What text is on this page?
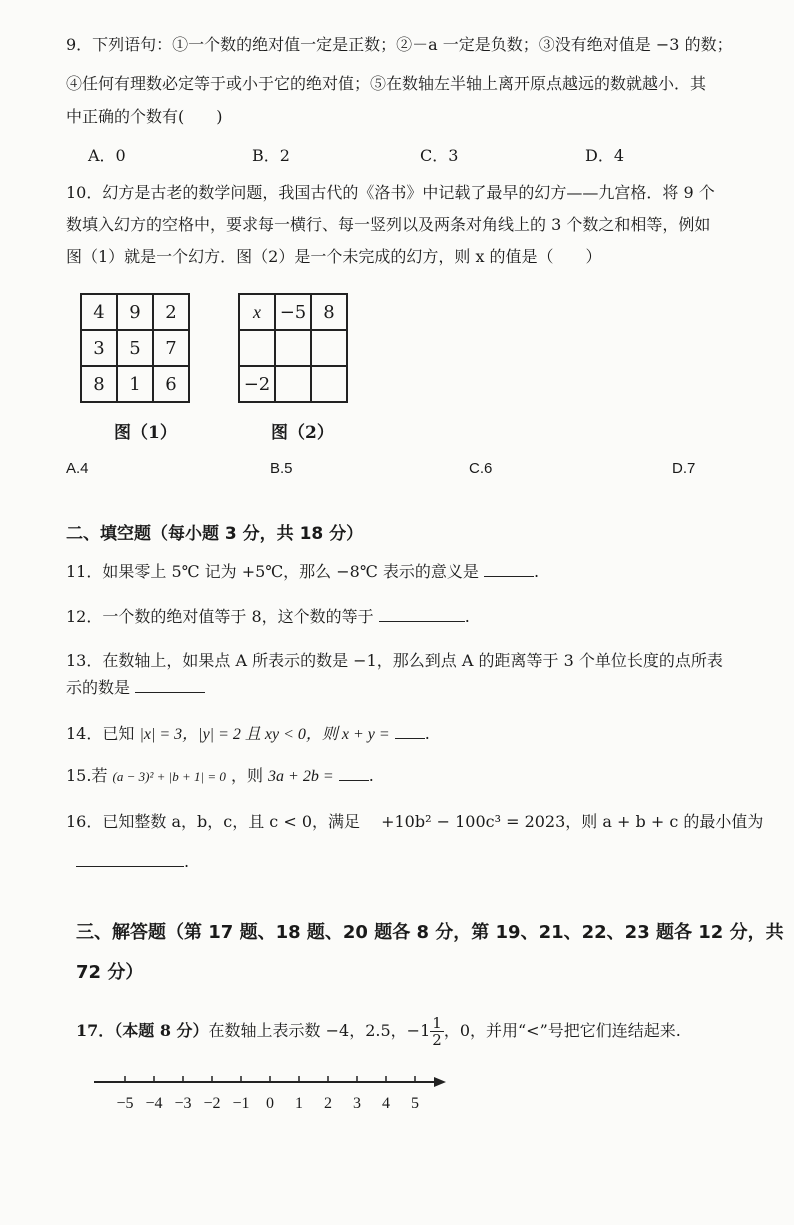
9．下列语句：①一个数的绝对值一定是正数；②－a 一定是负数；③没有绝对值是 −3 的数；
④任何有理数必定等于或小于它的绝对值；⑤在数轴左半轴上离开原点越远的数就越小．其
中正确的个数有(　　)
A．0	B．2	C．3	D．4
10．幻方是古老的数学问题，我国古代的《洛书》中记载了最早的幻方——九宫格．将 9 个
数填入幻方的空格中，要求每一横行、每一竖列以及两条对角线上的 3 个数之和相等，例如
图（1）就是一个幻方．图（2）是一个未完成的幻方，则 x 的值是（　　）
4	9	2
3	5	7
8	1	6
x	−5	8

−2		
图（1）	图（2）
A.4	B.5	C.6	D.7
二、填空题（每小题 3 分，共 18 分）
11．如果零上 5℃ 记为 +5℃，那么 −8℃ 表示的意义是	.
12．一个数的绝对值等于 8，这个数的等于	.
13．在数轴上，如果点 A 所表示的数是 −1，那么到点 A 的距离等于 3 个单位长度的点所表
示的数是
14．已知 |x| = 3，|y| = 2 且 xy < 0，则 x + y = .
15.若 (a − 3)² + |b + 1| = 0 ，则 3a + 2b = .
16．已知整数 a，b，c，且 c < 0，满足　 +10b² − 100c³ = 2023，则 a + b + c 的最小值为
.
三、解答题（第 17 题、18 题、20 题各 8 分，第 19、21、22、23 题各 12 分，共
72 分）
17．（本题 8 分）在数轴上表示数 −4，2.5，$-1 \frac{1}{2}$ ，0，并用“<”号把它们连结起来.
−5 −4 −3 −2 −1 0 1 2 3 4 5
